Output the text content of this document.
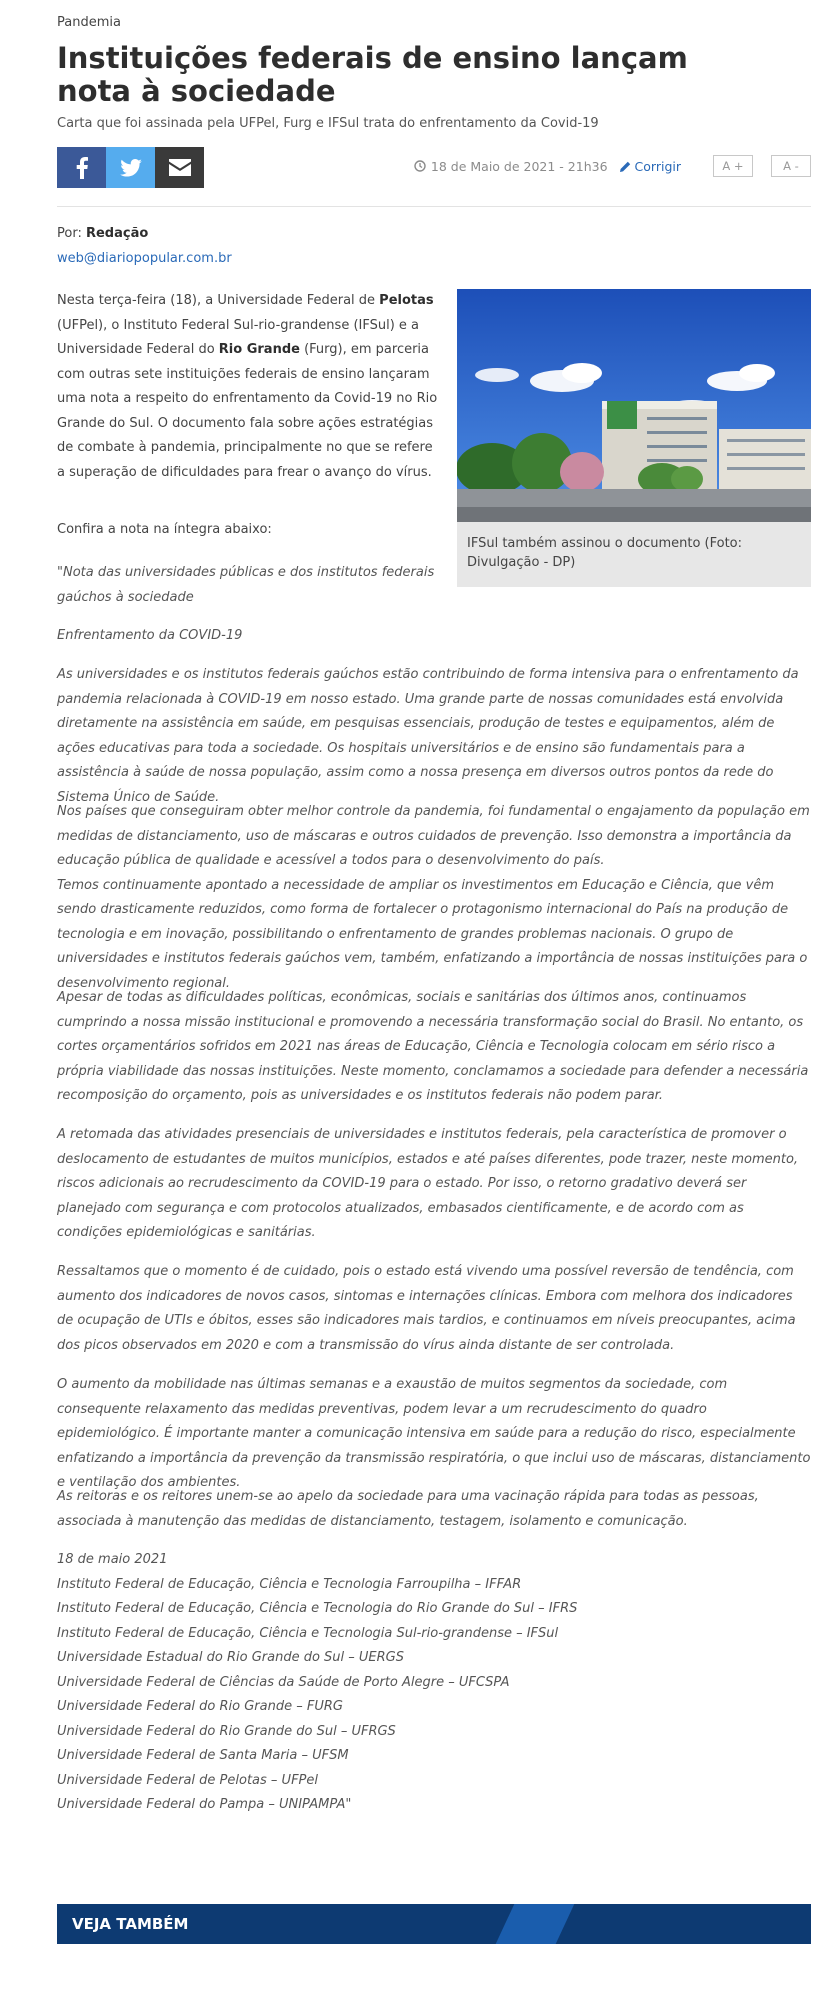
Pandemia
Instituições federais de ensino lançam nota à sociedade
Carta que foi assinada pela UFPel, Furg e IFSul trata do enfrentamento da Covid-19
18 de Maio de 2021 - 21h36 Corrigir	A +	A -
Por: Redação
web@diariopopular.com.br
IFSul também assinou o documento (Foto: Divulgação - DP)
Nesta terça-feira (18), a Universidade Federal de Pelotas (UFPel), o Instituto Federal Sul-rio-grandense (IFSul) e a Universidade Federal do Rio Grande (Furg), em parceria com outras sete instituições federais de ensino lançaram uma nota a respeito do enfrentamento da Covid-19 no Rio Grande do Sul. O documento fala sobre ações estratégias de combate à pandemia, principalmente no que se refere a superação de dificuldades para frear o avanço do vírus.
Confira a nota na íntegra abaixo:

"Nota das universidades públicas e dos institutos federais gaúchos à sociedade

Enfrentamento da COVID-19

As universidades e os institutos federais gaúchos estão contribuindo de forma intensiva para o enfrentamento da pandemia relacionada à COVID-19 em nosso estado. Uma grande parte de nossas comunidades está envolvida diretamente na assistência em saúde, em pesquisas essenciais, produção de testes e equipamentos, além de ações educativas para toda a sociedade. Os hospitais universitários e de ensino são fundamentais para a assistência à saúde de nossa população, assim como a nossa presença em diversos outros pontos da rede do Sistema Único de Saúde.

Nos países que conseguiram obter melhor controle da pandemia, foi fundamental o engajamento da população em medidas de distanciamento, uso de máscaras e outros cuidados de prevenção. Isso demonstra a importância da educação pública de qualidade e acessível a todos para o desenvolvimento do país.
Temos continuamente apontado a necessidade de ampliar os investimentos em Educação e Ciência, que vêm sendo drasticamente reduzidos, como forma de fortalecer o protagonismo internacional do País na produção de tecnologia e em inovação, possibilitando o enfrentamento de grandes problemas nacionais. O grupo de universidades e institutos federais gaúchos vem, também, enfatizando a importância de nossas instituições para o desenvolvimento regional.

Apesar de todas as dificuldades políticas, econômicas, sociais e sanitárias dos últimos anos, continuamos cumprindo a nossa missão institucional e promovendo a necessária transformação social do Brasil. No entanto, os cortes orçamentários sofridos em 2021 nas áreas de Educação, Ciência e Tecnologia colocam em sério risco a própria viabilidade das nossas instituições. Neste momento, conclamamos a sociedade para defender a necessária recomposição do orçamento, pois as universidades e os institutos federais não podem parar.

A retomada das atividades presenciais de universidades e institutos federais, pela característica de promover o deslocamento de estudantes de muitos municípios, estados e até países diferentes, pode trazer, neste momento, riscos adicionais ao recrudescimento da COVID-19 para o estado. Por isso, o retorno gradativo deverá ser planejado com segurança e com protocolos atualizados, embasados cientificamente, e de acordo com as condições epidemiológicas e sanitárias.

Ressaltamos que o momento é de cuidado, pois o estado está vivendo uma possível reversão de tendência, com aumento dos indicadores de novos casos, sintomas e internações clínicas. Embora com melhora dos indicadores de ocupação de UTIs e óbitos, esses são indicadores mais tardios, e continuamos em níveis preocupantes, acima dos picos observados em 2020 e com a transmissão do vírus ainda distante de ser controlada.

O aumento da mobilidade nas últimas semanas e a exaustão de muitos segmentos da sociedade, com consequente relaxamento das medidas preventivas, podem levar a um recrudescimento do quadro epidemiológico. É importante manter a comunicação intensiva em saúde para a redução do risco, especialmente enfatizando a importância da prevenção da transmissão respiratória, o que inclui uso de máscaras, distanciamento e ventilação dos ambientes.

As reitoras e os reitores unem-se ao apelo da sociedade para uma vacinação rápida para todas as pessoas, associada à manutenção das medidas de distanciamento, testagem, isolamento e comunicação.

18 de maio 2021
Instituto Federal de Educação, Ciência e Tecnologia Farroupilha – IFFAR
Instituto Federal de Educação, Ciência e Tecnologia do Rio Grande do Sul – IFRS
Instituto Federal de Educação, Ciência e Tecnologia Sul-rio-grandense – IFSul
Universidade Estadual do Rio Grande do Sul – UERGS
Universidade Federal de Ciências da Saúde de Porto Alegre – UFCSPA
Universidade Federal do Rio Grande – FURG
Universidade Federal do Rio Grande do Sul – UFRGS
Universidade Federal de Santa Maria – UFSM
Universidade Federal de Pelotas – UFPel
Universidade Federal do Pampa – UNIPAMPA"
VEJA TAMBÉM
